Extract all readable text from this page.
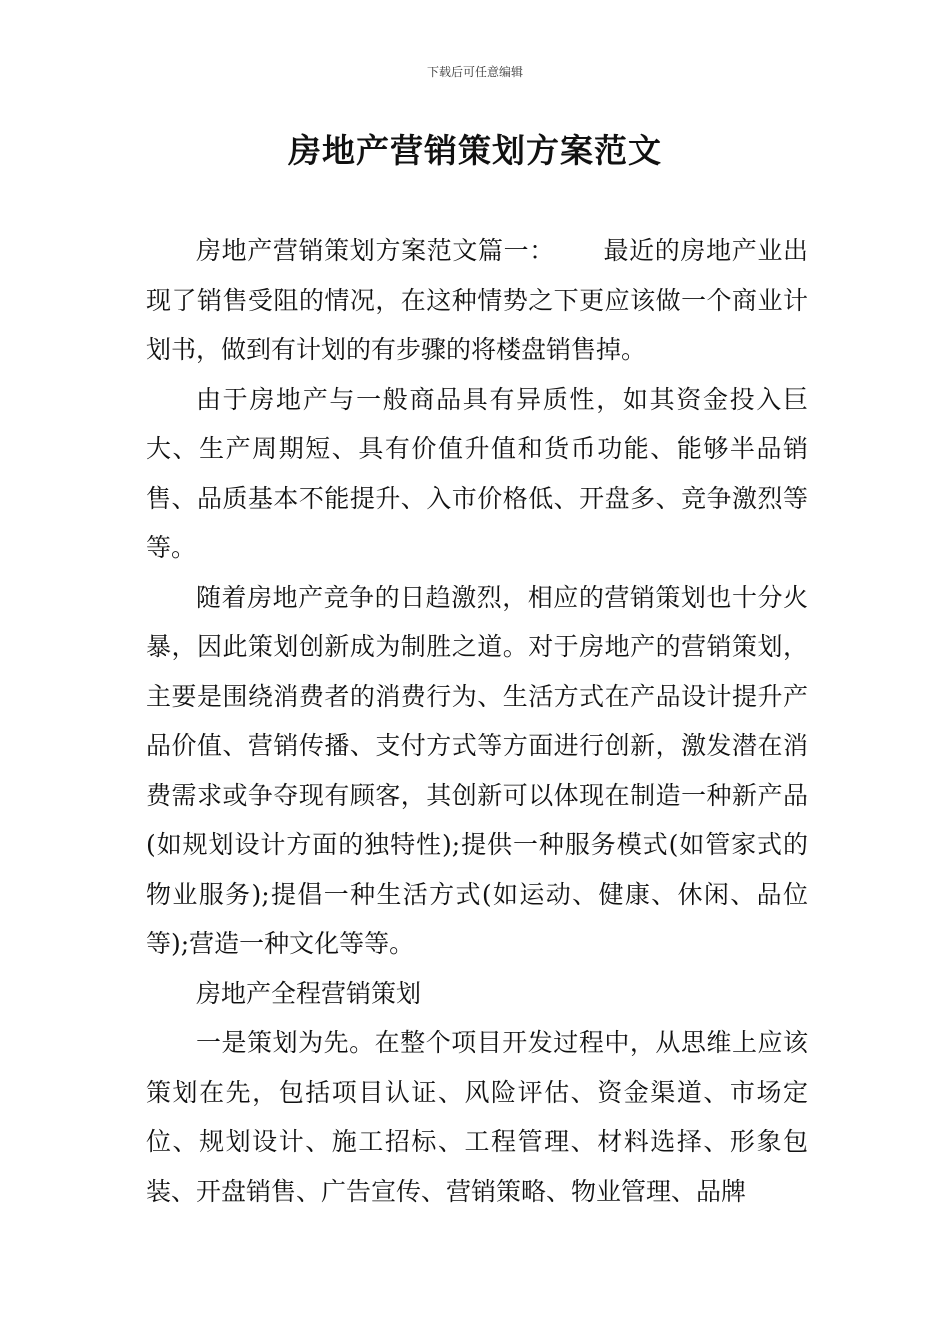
下载后可任意编辑
房地产营销策划方案范文

房地产营销策划方案范文篇一： 最近的房地产业出现了销售受阻的情况，在这种情势之下更应该做一个商业计划书，做到有计划的有步骤的将楼盘销售掉。

由于房地产与一般商品具有异质性，如其资金投入巨大、生产周期短、具有价值升值和货币功能、能够半品销售、品质基本不能提升、入市价格低、开盘多、竞争激烈等等。

随着房地产竞争的日趋激烈，相应的营销策划也十分火暴，因此策划创新成为制胜之道。对于房地产的营销策划，主要是围绕消费者的消费行为、生活方式在产品设计提升产品价值、营销传播、支付方式等方面进行创新，激发潜在消费需求或争夺现有顾客，其创新可以体现在制造一种新产品(如规划设计方面的独特性);提供一种服务模式(如管家式的物业服务);提倡一种生活方式(如运动、健康、休闲、品位等);营造一种文化等等。

房地产全程营销策划

一是策划为先。在整个项目开发过程中，从思维上应该策划在先，包括项目认证、风险评估、资金渠道、市场定位、规划设计、施工招标、工程管理、材料选择、形象包装、开盘销售、广告宣传、营销策略、物业管理、品牌
